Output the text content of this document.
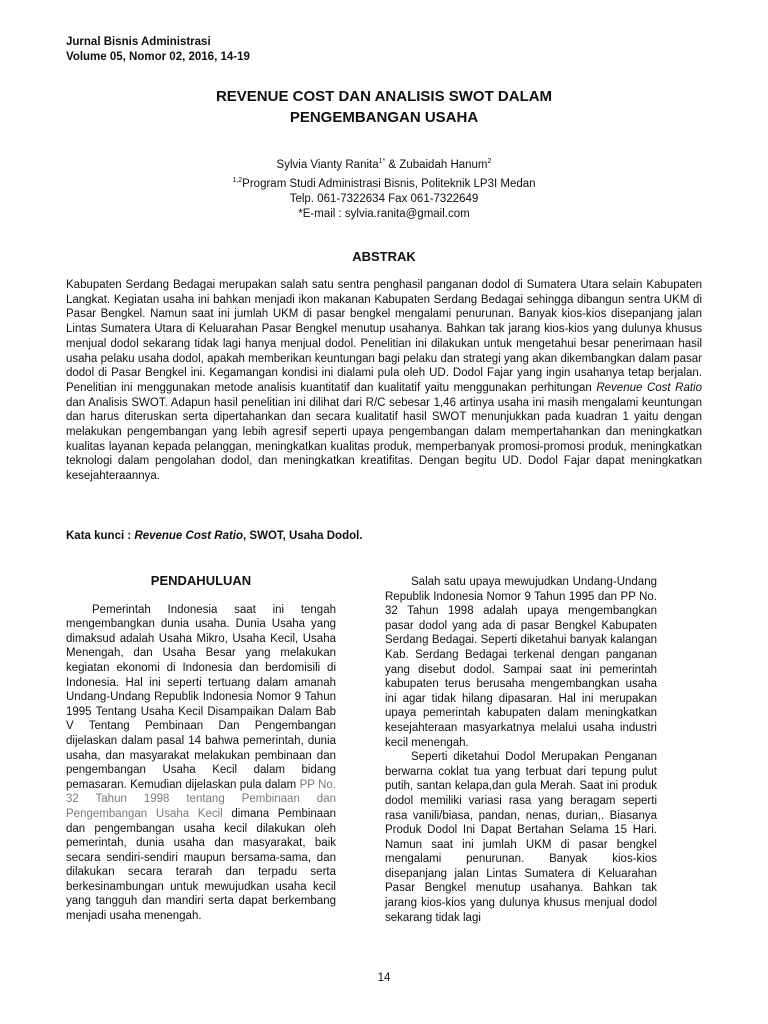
Jurnal Bisnis Administrasi
Volume 05, Nomor 02, 2016, 14-19
REVENUE COST DAN ANALISIS SWOT DALAM
PENGEMBANGAN USAHA
Sylvia Vianty Ranita$^{1*}$ & Zubaidah Hanum$^2$
$^{1,2}$Program Studi Administrasi Bisnis, Politeknik LP3I Medan
Telp. 061-7322634 Fax 061-7322649
*E-mail : sylvia.ranita@gmail.com
ABSTRAK
Kabupaten Serdang Bedagai merupakan salah satu sentra penghasil panganan dodol di Sumatera Utara selain Kabupaten Langkat. Kegiatan usaha ini bahkan menjadi ikon makanan Kabupaten Serdang Bedagai sehingga dibangun sentra UKM di Pasar Bengkel. Namun saat ini jumlah UKM di pasar bengkel mengalami penurunan. Banyak kios-kios disepanjang jalan Lintas Sumatera Utara di Keluarahan Pasar Bengkel menutup usahanya. Bahkan tak jarang kios-kios yang dulunya khusus menjual dodol sekarang tidak lagi hanya menjual dodol. Penelitian ini dilakukan untuk mengetahui besar penerimaan hasil usaha pelaku usaha dodol, apakah memberikan keuntungan bagi pelaku dan strategi yang akan dikembangkan dalam pasar dodol di Pasar Bengkel ini. Kegamangan kondisi ini dialami pula oleh UD. Dodol Fajar yang ingin usahanya tetap berjalan. Penelitian ini menggunakan metode analisis kuantitatif dan kualitatif yaitu menggunakan perhitungan Revenue Cost Ratio dan Analisis SWOT. Adapun hasil penelitian ini dilihat dari R/C sebesar 1,46 artinya usaha ini masih mengalami keuntungan dan harus diteruskan serta dipertahankan dan secara kualitatif hasil SWOT menunjukkan pada kuadran 1 yaitu dengan melakukan pengembangan yang lebih agresif seperti upaya pengembangan dalam mempertahankan dan meningkatkan kualitas layanan kepada pelanggan, meningkatkan kualitas produk, memperbanyak promosi-promosi produk, meningkatkan teknologi dalam pengolahan dodol, dan meningkatkan kreatifitas. Dengan begitu UD. Dodol Fajar dapat meningkatkan kesejahteraannya.
Kata kunci : Revenue Cost Ratio, SWOT, Usaha Dodol.
PENDAHULUAN

Pemerintah Indonesia saat ini tengah mengembangkan dunia usaha. Dunia Usaha yang dimaksud adalah Usaha Mikro, Usaha Kecil, Usaha Menengah, dan Usaha Besar yang melakukan kegiatan ekonomi di Indonesia dan berdomisili di Indonesia. Hal ini seperti tertuang dalam amanah Undang-Undang Republik Indonesia Nomor 9 Tahun 1995 Tentang Usaha Kecil Disampaikan Dalam Bab V Tentang Pembinaan Dan Pengembangan dijelaskan dalam pasal 14 bahwa pemerintah, dunia usaha, dan masyarakat melakukan pembinaan dan pengembangan Usaha Kecil dalam bidang pemasaran. Kemudian dijelaskan pula dalam PP No. 32 Tahun 1998 tentang Pembinaan dan Pengembangan Usaha Kecil dimana Pembinaan dan pengembangan usaha kecil dilakukan oleh pemerintah, dunia usaha dan masyarakat, baik secara sendiri-sendiri maupun bersama-sama, dan dilakukan secara terarah dan terpadu serta berkesinambungan untuk mewujudkan usaha kecil yang tangguh dan mandiri serta dapat berkembang menjadi usaha menengah.

Salah satu upaya mewujudkan Undang-Undang Republik Indonesia Nomor 9 Tahun 1995 dan PP No. 32 Tahun 1998 adalah upaya mengembangkan pasar dodol yang ada di pasar Bengkel Kabupaten Serdang Bedagai. Seperti diketahui banyak kalangan Kab. Serdang Bedagai terkenal dengan panganan yang disebut dodol. Sampai saat ini pemerintah kabupaten terus berusaha mengembangkan usaha ini agar tidak hilang dipasaran. Hal ini merupakan upaya pemerintah kabupaten dalam meningkatkan kesejahteraan masyarkatnya melalui usaha industri kecil menengah.

Seperti diketahui Dodol Merupakan Penganan berwarna coklat tua yang terbuat dari tepung pulut putih, santan kelapa,dan gula Merah. Saat ini produk dodol memiliki variasi rasa yang beragam seperti rasa vanili/biasa, pandan, nenas, durian,. Biasanya Produk Dodol Ini Dapat Bertahan Selama 15 Hari. Namun saat ini jumlah UKM di pasar bengkel mengalami penurunan. Banyak kios-kios disepanjang jalan Lintas Sumatera di Keluarahan Pasar Bengkel menutup usahanya. Bahkan tak jarang kios-kios yang dulunya khusus menjual dodol sekarang tidak lagi

14
